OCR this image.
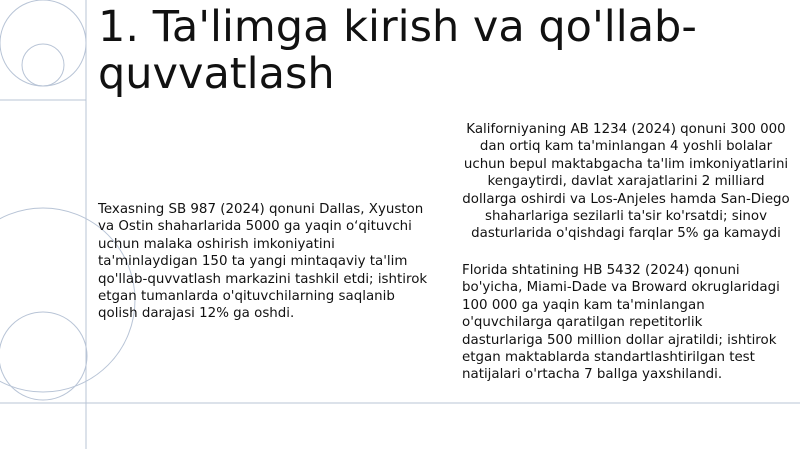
1. Ta'limga kirish va qo'llab-quvvatlash

Texasning SB 987 (2024) qonuni Dallas, Xyuston va Ostin shaharlarida 5000 ga yaqin oʻqituvchi uchun malaka oshirish imkoniyatini ta'minlaydigan 150 ta yangi mintaqaviy ta'lim qo'llab-quvvatlash markazini tashkil etdi; ishtirok etgan tumanlarda o'qituvchilarning saqlanib qolish darajasi 12% ga oshdi.

Kaliforniyaning AB 1234 (2024) qonuni 300 000 dan ortiq kam ta'minlangan 4 yoshli bolalar uchun bepul maktabgacha ta'lim imkoniyatlarini kengaytirdi, davlat xarajatlarini 2 milliard dollarga oshirdi va Los-Anjeles hamda San-Diego shaharlariga sezilarli ta'sir ko'rsatdi; sinov dasturlarida o'qishdagi farqlar 5% ga kamaydi

Florida shtatining HB 5432 (2024) qonuni bo'yicha, Miami-Dade va Broward okruglaridagi 100 000 ga yaqin kam ta'minlangan o'quvchilarga qaratilgan repetitorlik dasturlariga 500 million dollar ajratildi; ishtirok etgan maktablarda standartlashtirilgan test natijalari o'rtacha 7 ballga yaxshilandi.
